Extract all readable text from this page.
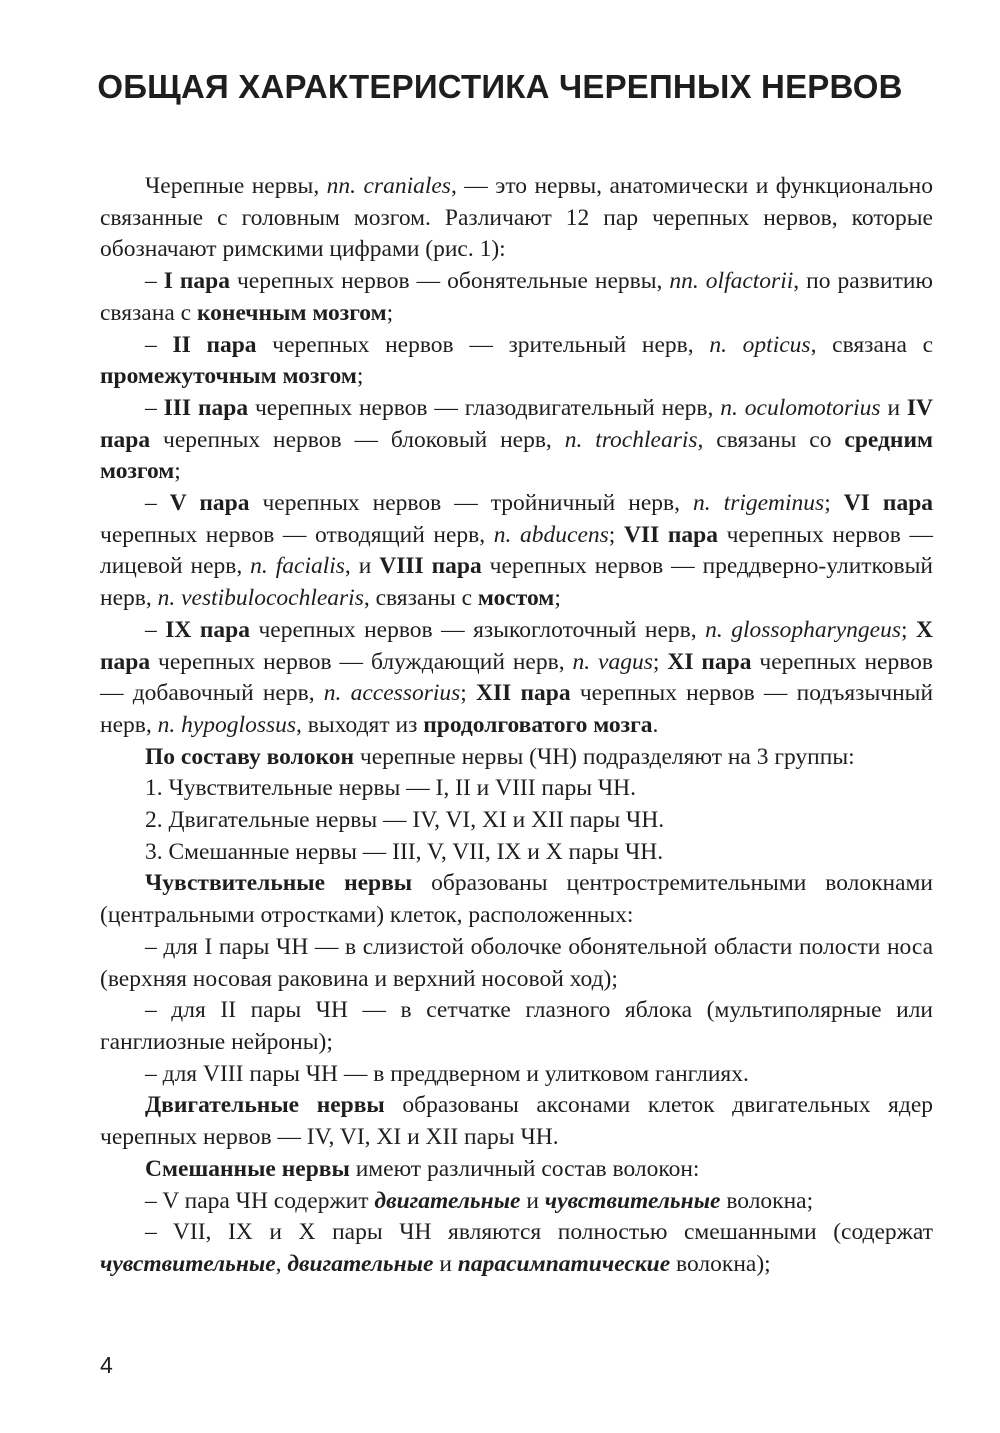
ОБЩАЯ ХАРАКТЕРИСТИКА ЧЕРЕПНЫХ НЕРВОВ

Черепные нервы, nn. craniales, — это нервы, анатомически и функционально связанные с головным мозгом. Различают 12 пар черепных нервов, которые обозначают римскими цифрами (рис. 1):

– I пара черепных нервов — обонятельные нервы, nn. olfactorii, по развитию связана с конечным мозгом;

– II пара черепных нервов — зрительный нерв, n. opticus, связана с промежуточным мозгом;

– III пара черепных нервов — глазодвигательный нерв, n. oculomotorius и IV пара черепных нервов — блоковый нерв, n. trochlearis, связаны со средним мозгом;

– V пара черепных нервов — тройничный нерв, n. trigeminus; VI пара черепных нервов — отводящий нерв, n. abducens; VII пара черепных нервов — лицевой нерв, n. facialis, и VIII пара черепных нервов — преддверно-улитковый нерв, n. vestibulocochlearis, связаны с мостом;

– IX пара черепных нервов — языкоглоточный нерв, n. glossopharyngeus; X пара черепных нервов — блуждающий нерв, n. vagus; XI пара черепных нервов — добавочный нерв, n. accessorius; XII пара черепных нервов — подъязычный нерв, n. hypoglossus, выходят из продолговатого мозга.

По составу волокон черепные нервы (ЧН) подразделяют на 3 группы:

1. Чувствительные нервы — I, II и VIII пары ЧН.

2. Двигательные нервы — IV, VI, XI и XII пары ЧН.

3. Смешанные нервы — III, V, VII, IX и X пары ЧН.

Чувствительные нервы образованы центростремительными волокнами (центральными отростками) клеток, расположенных:

– для I пары ЧН — в слизистой оболочке обонятельной области полости носа (верхняя носовая раковина и верхний носовой ход);

– для II пары ЧН — в сетчатке глазного яблока (мультиполярные или ганглиозные нейроны);

– для VIII пары ЧН — в преддверном и улитковом ганглиях.

Двигательные нервы образованы аксонами клеток двигательных ядер черепных нервов — IV, VI, XI и XII пары ЧН.

Смешанные нервы имеют различный состав волокон:

– V пара ЧН содержит двигательные и чувствительные волокна;

– VII, IX и X пары ЧН являются полностью смешанными (содержат чувствительные, двигательные и парасимпатические волокна);

4
